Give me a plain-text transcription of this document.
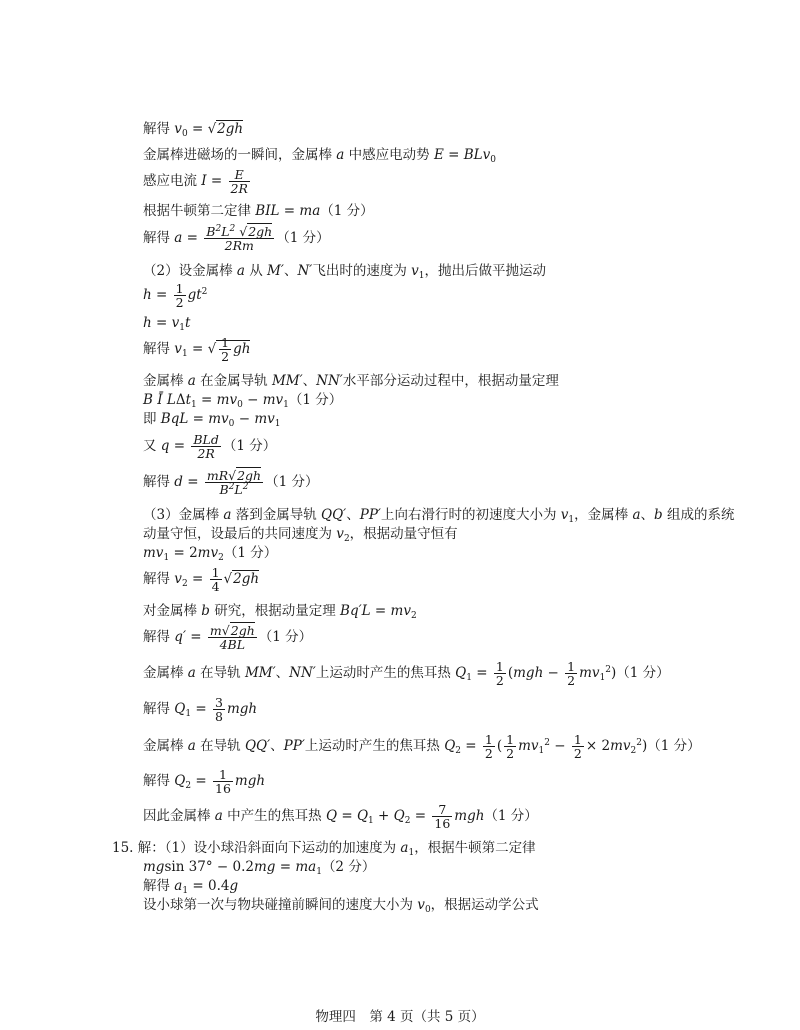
解得 $v_0 = √2gh$
金属棒进磁场的一瞬间，金属棒 a 中感应电动势 E = BLv$_0$
感应电流 $I = \frac{E}{2R}$
根据牛顿第二定律 BIL = ma（1 分）
解得 $a = \frac{B^2L^2 √2gh}{2Rm} (1$ 分）
（2）设金属棒 a 从 M′、N′飞出时的速度为 $v_1$，抛出后做平抛运动
$h = \frac{1}{2} gt^2$
$h = v_1t$
解得 $v_1$ = √ $\frac{1}{2}$ gh
金属棒 a 在金属导轨 MM′、NN′水平部分运动过程中，根据动量定理
B Ī $L\Delta t_1 = mv_0 - mv_1(1$ 分）
即 BqL = $mv_0 - mv_1$
又 $q = \frac{\text{BLd}}{2R} (1$ 分）
解得 $d = \frac{mR√2gh}{B^2L^2} (1$ 分）
（3）金属棒 a 落到金属导轨 QQ′、PP′上向右滑行时的初速度大小为 $v_1$，金属棒 a、b 组成的系统
动量守恒，设最后的共同速度为 $v_2$，根据动量守恒有
$mv_1 = 2mv_2(1$ 分）
解得 $v_2 = \frac{1}{4} √2gh$
对金属棒 b 研究，根据动量定理 $Bq'L = mv_2$
解得 $q' = \frac{m√2gh}{4BL} (1$ 分）
金属棒 a 在导轨 MM′、NN′上运动时产生的焦耳热 $Q_1 = \frac{1}{2} (mgh - \frac{1}{2} mv_1^2)(1$ 分）
解得 $Q_1 = \frac{3}{8}$ mgh
金属棒 a 在导轨 QQ′、PP′上运动时产生的焦耳热 $Q_2 = \frac{1}{2}$ ( $\frac{1}{2} mv_1^2 - \frac{1}{2} \times 2mv_2^2)(1$ 分）
解得 $Q_2 = \frac{1}{16}$ mgh
因此金属棒 a 中产生的焦耳热 $Q = Q_1 + Q_2 = \frac{7}{16} mgh(1$ 分）
15. 解：（1）设小球沿斜面向下运动的加速度为 $a_1$，根据牛顿第二定律
mgsin $37^\circ - 0.2mg = ma_1(2$ 分）
解得 $a_1 = 0.4g$
设小球第一次与物块碰撞前瞬间的速度大小为 $v_0$，根据运动学公式
物理四　第 4 页（共 5 页）
